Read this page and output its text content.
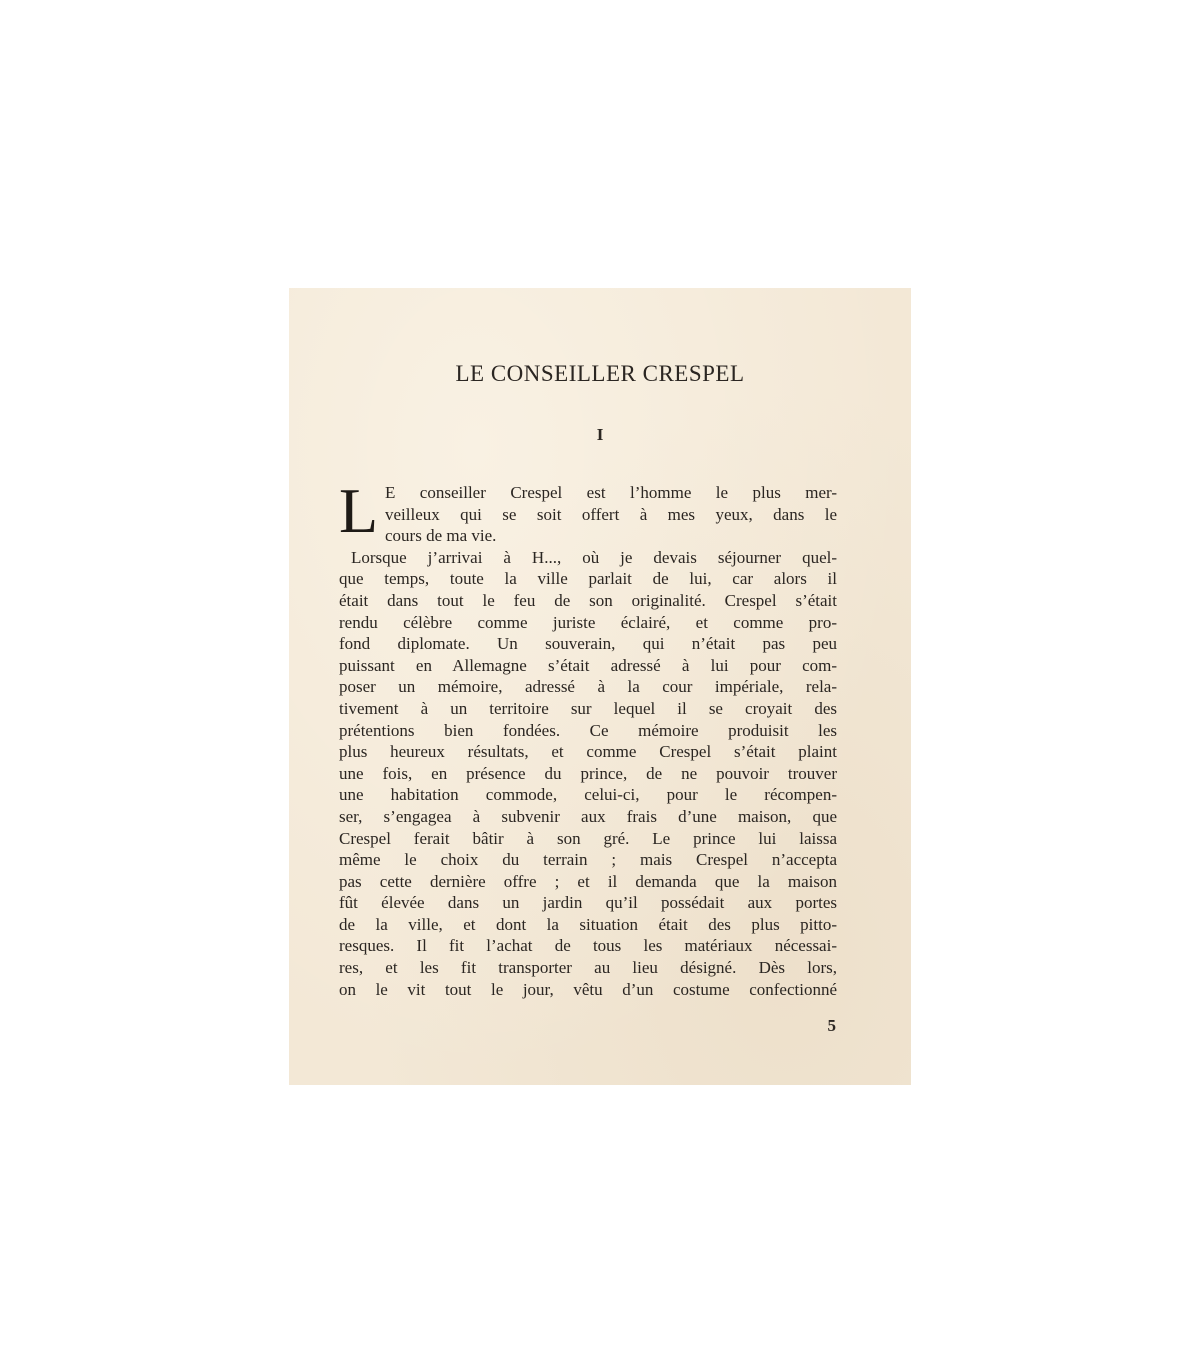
LE CONSEILLER CRESPEL
I
L E conseiller Crespel est l’homme le plus mer-
veilleux qui se soit offert à mes yeux, dans le
cours de ma vie.
Lorsque j’arrivai à H..., où je devais séjourner quel-
que temps, toute la ville parlait de lui, car alors il
était dans tout le feu de son originalité. Crespel s’était
rendu célèbre comme juriste éclairé, et comme pro-
fond diplomate. Un souverain, qui n’était pas peu
puissant en Allemagne s’était adressé à lui pour com-
poser un mémoire, adressé à la cour impériale, rela-
tivement à un territoire sur lequel il se croyait des
prétentions bien fondées. Ce mémoire produisit les
plus heureux résultats, et comme Crespel s’était plaint
une fois, en présence du prince, de ne pouvoir trouver
une habitation commode, celui-ci, pour le récompen-
ser, s’engagea à subvenir aux frais d’une maison, que
Crespel ferait bâtir à son gré. Le prince lui laissa
même le choix du terrain ; mais Crespel n’accepta
pas cette dernière offre ; et il demanda que la maison
fût élevée dans un jardin qu’il possédait aux portes
de la ville, et dont la situation était des plus pitto-
resques. Il fit l’achat de tous les matériaux nécessai-
res, et les fit transporter au lieu désigné. Dès lors,
on le vit tout le jour, vêtu d’un costume confectionné
5
